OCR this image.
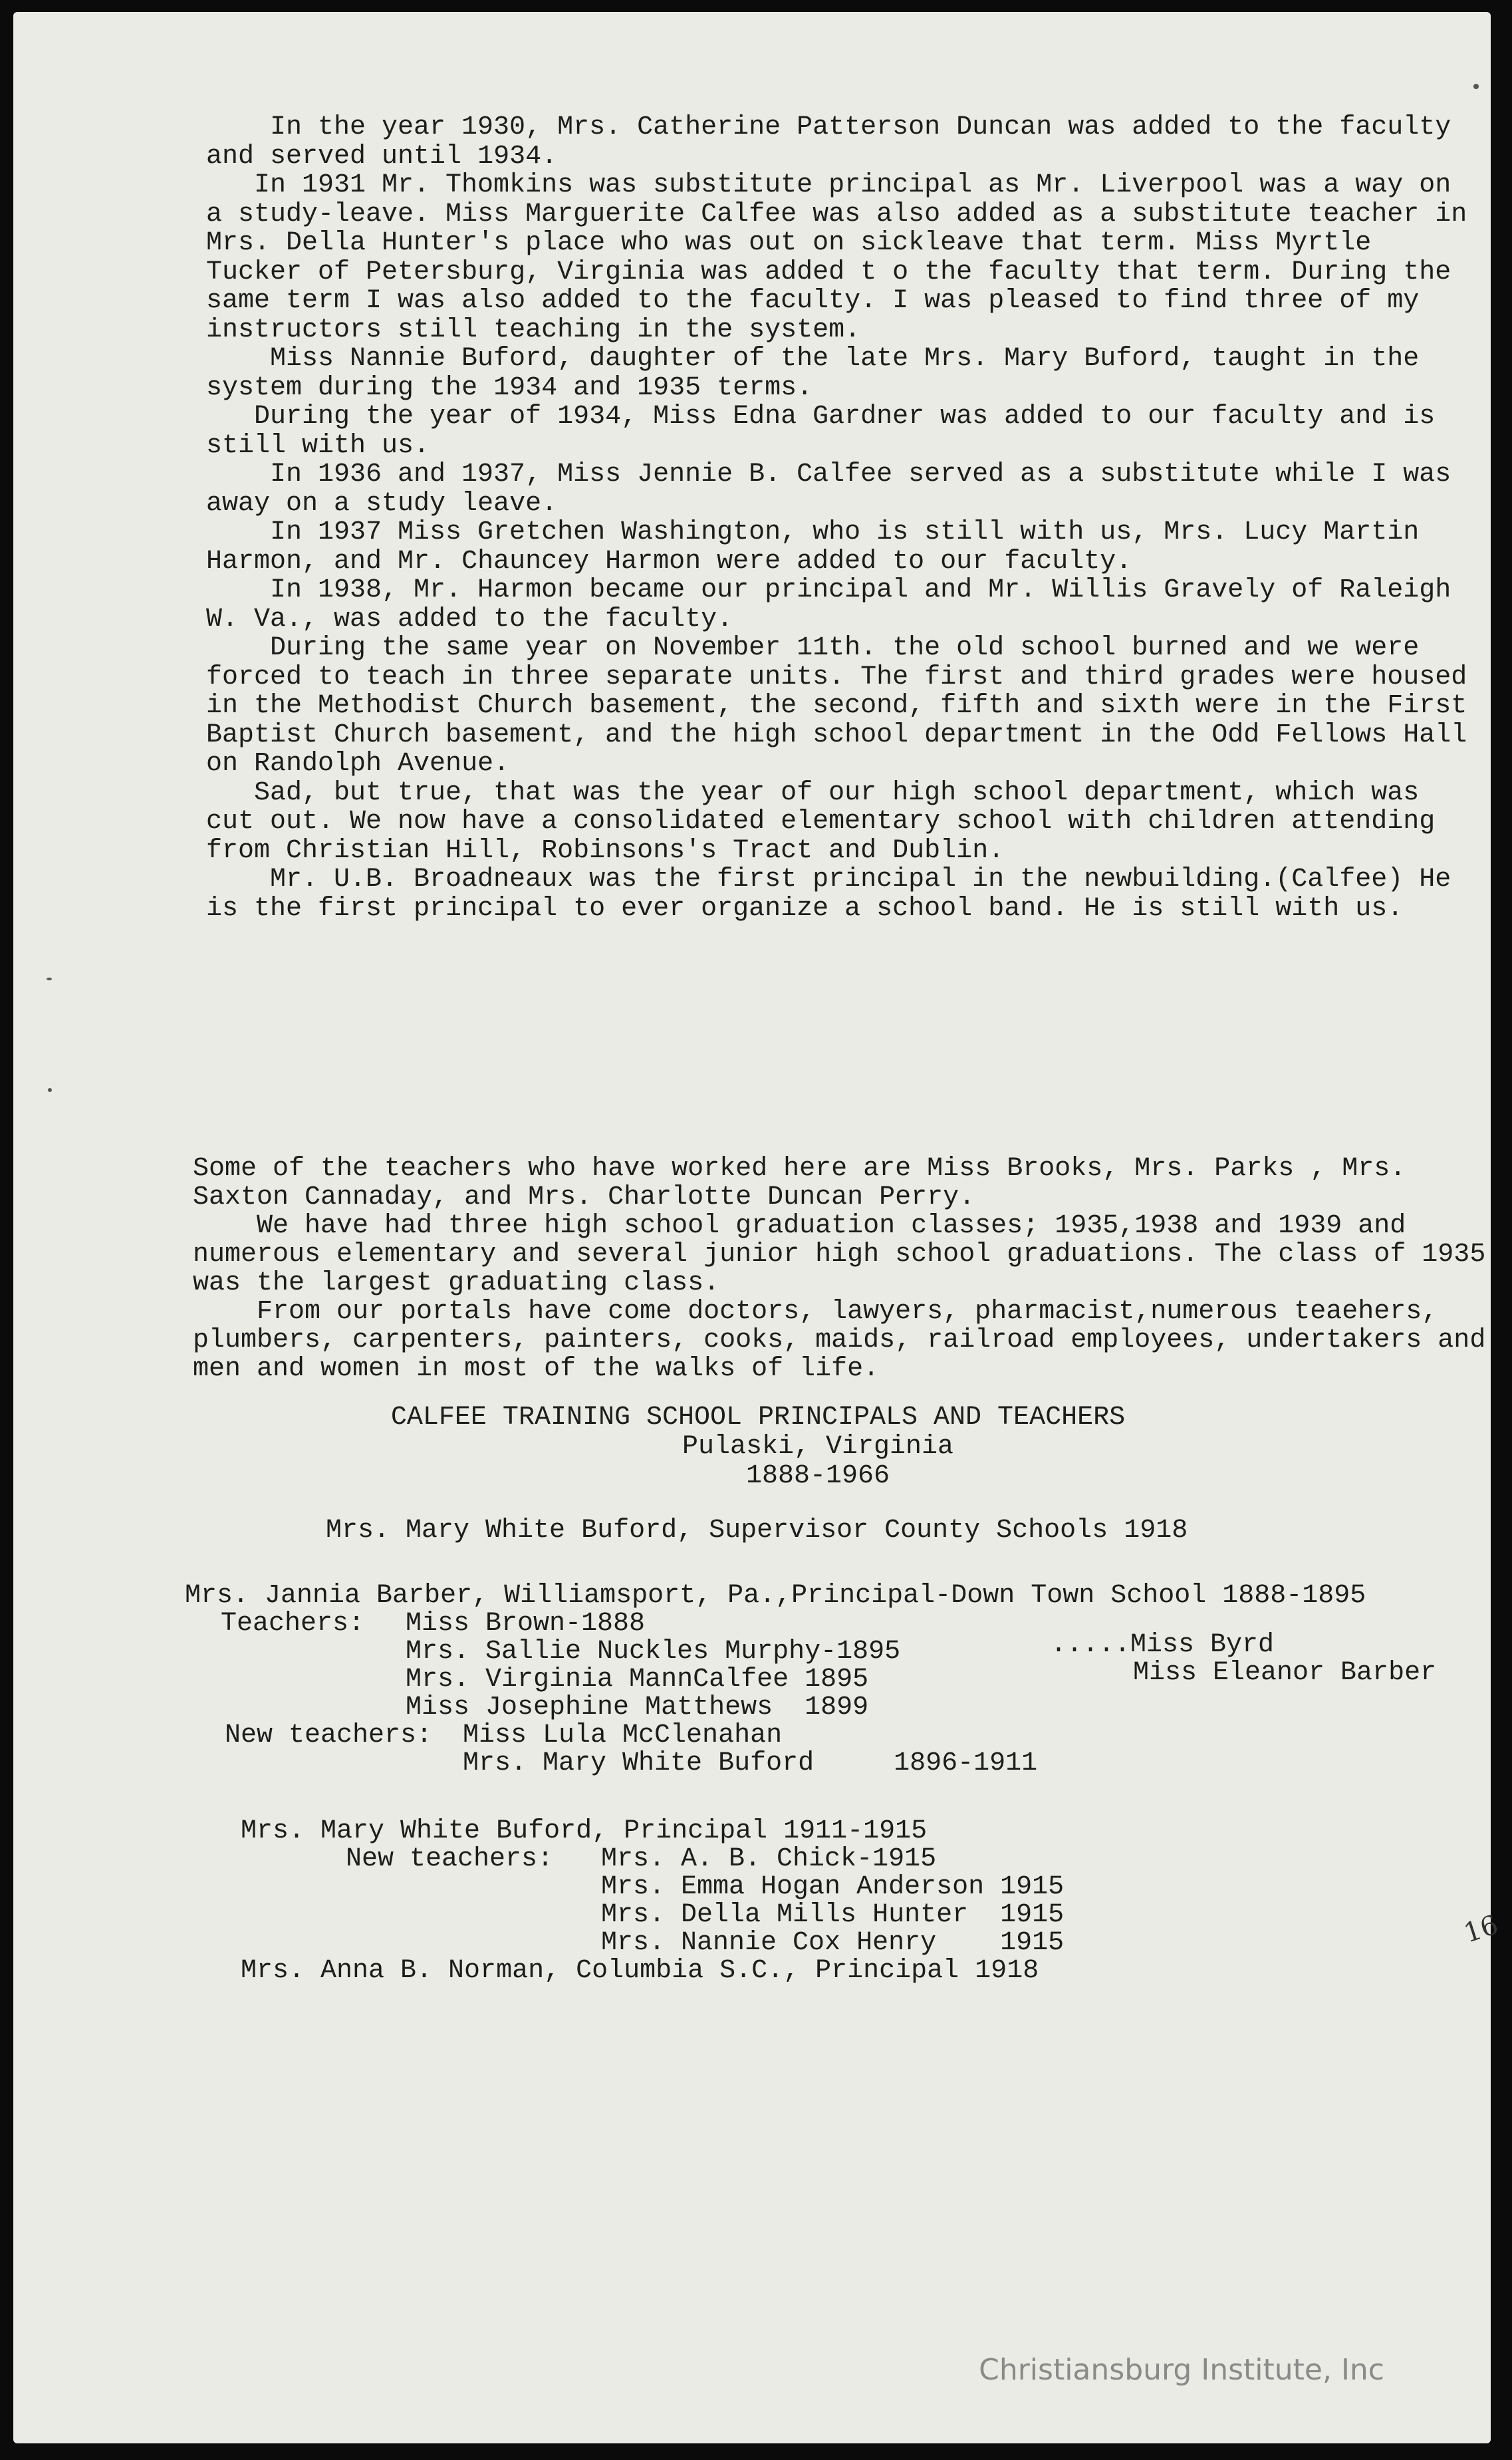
In the year 1930, Mrs. Catherine Patterson Duncan was added to the faculty and served until 1934.

In 1931 Mr. Thomkins was substitute principal as Mr. Liverpool was a way on a study-leave. Miss Marguerite Calfee was also added as a substitute teacher in Mrs. Della Hunter's place who was out on sickleave that term. Miss Myrtle Tucker of Petersburg, Virginia was added t o the faculty that term. During the same term I was also added to the faculty. I was pleased to find three of my instructors still teaching in the system.

Miss Nannie Buford, daughter of the late Mrs. Mary Buford, taught in the system during the 1934 and 1935 terms.

During the year of 1934, Miss Edna Gardner was added to our faculty and is still with us.

In 1936 and 1937, Miss Jennie B. Calfee served as a substitute while I was away on a study leave.

In 1937 Miss Gretchen Washington, who is still with us, Mrs. Lucy Martin Harmon, and Mr. Chauncey Harmon were added to our faculty.

In 1938, Mr. Harmon became our principal and Mr. Willis Gravely of Raleigh W. Va., was added to the faculty.

During the same year on November 11th. the old school burned and we were forced to teach in three separate units. The first and third grades were housed in the Methodist Church basement, the second, fifth and sixth were in the First Baptist Church basement, and the high school department in the Odd Fellows Hall on Randolph Avenue.

Sad, but true, that was the year of our high school department, which was cut out. We now have a consolidated elementary school with children attending from Christian Hill, Robinsons's Tract and Dublin.

Mr. U.B. Broadneaux was the first principal in the newbuilding.(Calfee) He is the first principal to ever organize a school band. He is still with us.

Some of the teachers who have worked here are Miss Brooks, Mrs. Parks , Mrs. Saxton Cannaday, and Mrs. Charlotte Duncan Perry.

We have had three high school graduation classes; 1935,1938 and 1939 and numerous elementary and several junior high school graduations. The class of 1935 was the largest graduating class.

From our portals have come doctors, lawyers, pharmacist,numerous teaehers, plumbers, carpenters, painters, cooks, maids, railroad employees, undertakers and men and women in most of the walks of life.

CALFEE TRAINING SCHOOL PRINCIPALS AND TEACHERS
Pulaski, Virginia
1888-1966
Mrs. Mary White Buford, Supervisor County Schools 1918
Mrs. Jannia Barber, Williamsport, Pa.,Principal-Down Town School 1888-1895
Teachers: Miss Brown-1888
Mrs. Sallie Nuckles Murphy-1895
Mrs. Virginia MannCalfee 1895
Miss Josephine Matthews  1899
.....Miss Byrd
Miss Eleanor Barber
New teachers: Miss Lula McClenahan
Mrs. Mary White Buford     1896-1911
Mrs. Mary White Buford, Principal 1911-1915
New teachers: Mrs. A. B. Chick-1915
Mrs. Emma Hogan Anderson 1915
Mrs. Della Mills Hunter  1915
Mrs. Nannie Cox Henry    1915
Mrs. Anna B. Norman, Columbia S.C., Principal 1918
16
Christiansburg Institute, Inc
